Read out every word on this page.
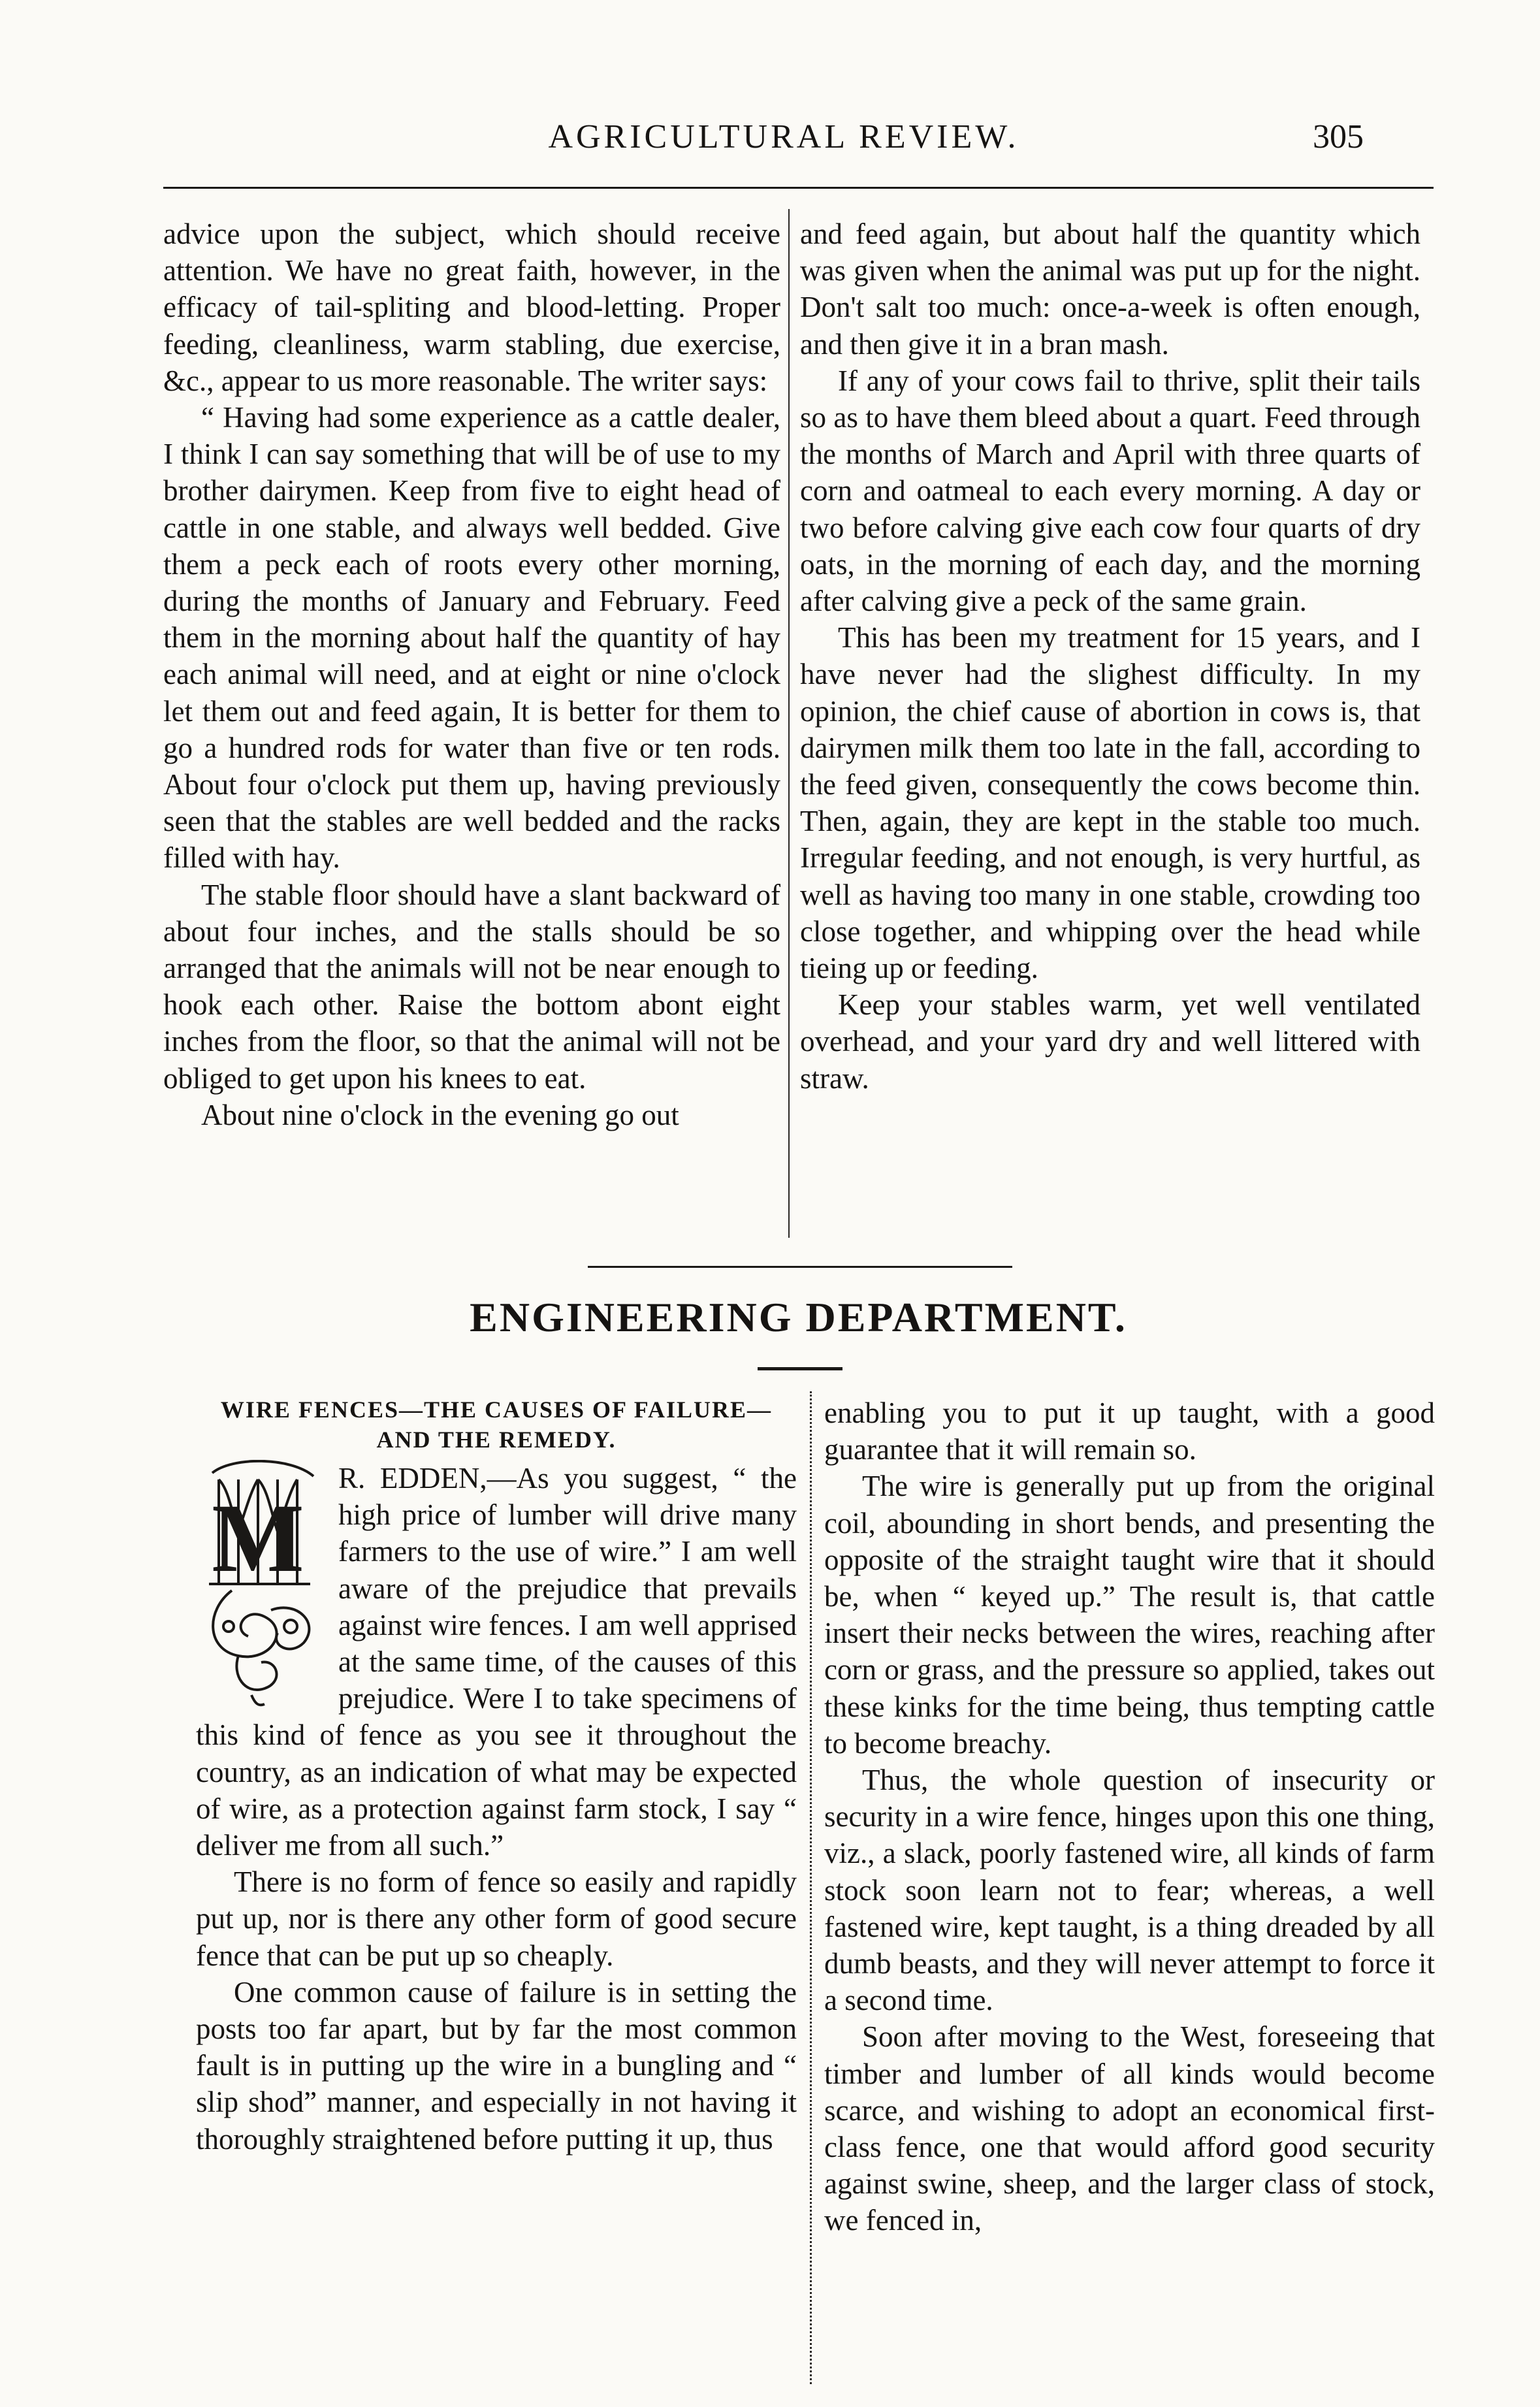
AGRICULTURAL REVIEW.	305

advice upon the subject, which should receive attention. We have no great faith, however, in the efficacy of tail-spliting and blood-letting. Proper feeding, cleanliness, warm stabling, due exercise, &c., appear to us more reasonable. The writer says:

“ Having had some experience as a cattle dealer, I think I can say something that will be of use to my brother dairymen. Keep from five to eight head of cattle in one stable, and always well bedded. Give them a peck each of roots every other morning, during the months of January and February. Feed them in the morning about half the quantity of hay each animal will need, and at eight or nine o'clock let them out and feed again, It is better for them to go a hundred rods for water than five or ten rods. About four o'clock put them up, having previously seen that the stables are well bedded and the racks filled with hay.

The stable floor should have a slant backward of about four inches, and the stalls should be so arranged that the animals will not be near enough to hook each other. Raise the bottom abont eight inches from the floor, so that the animal will not be obliged to get upon his knees to eat.

About nine o'clock in the evening go out

and feed again, but about half the quantity which was given when the animal was put up for the night. Don't salt too much: once-a-week is often enough, and then give it in a bran mash.

If any of your cows fail to thrive, split their tails so as to have them bleed about a quart. Feed through the months of March and April with three quarts of corn and oatmeal to each every morning. A day or two before calving give each cow four quarts of dry oats, in the morning of each day, and the morning after calving give a peck of the same grain.

This has been my treatment for 15 years, and I have never had the slighest difficulty. In my opinion, the chief cause of abortion in cows is, that dairymen milk them too late in the fall, according to the feed given, consequently the cows become thin. Then, again, they are kept in the stable too much. Irregular feeding, and not enough, is very hurtful, as well as having too many in one stable, crowding too close together, and whipping over the head while tieing up or feeding.

Keep your stables warm, yet well ventilated overhead, and your yard dry and well littered with straw.

ENGINEERING DEPARTMENT.
WIRE FENCES—THE CAUSES OF FAILURE—
AND THE REMEDY.
M

R. EDDEN,—As you suggest, “ the high price of lumber will drive many farmers to the use of wire.” I am well aware of the prejudice that prevails against wire fences. I am well apprised at the same time, of the causes of this prejudice. Were I to take specimens of this kind of fence as you see it throughout the country, as an indication of what may be expected of wire, as a protection against farm stock, I say “ deliver me from all such.”

There is no form of fence so easily and rapidly put up, nor is there any other form of good secure fence that can be put up so cheaply.

One common cause of failure is in setting the posts too far apart, but by far the most common fault is in putting up the wire in a bungling and “ slip shod” manner, and especially in not having it thoroughly straightened before putting it up, thus

enabling you to put it up taught, with a good guarantee that it will remain so.

The wire is generally put up from the original coil, abounding in short bends, and presenting the opposite of the straight taught wire that it should be, when “ keyed up.” The result is, that cattle insert their necks between the wires, reaching after corn or grass, and the pressure so applied, takes out these kinks for the time being, thus tempting cattle to become breachy.

Thus, the whole question of insecurity or security in a wire fence, hinges upon this one thing, viz., a slack, poorly fastened wire, all kinds of farm stock soon learn not to fear; whereas, a well fastened wire, kept taught, is a thing dreaded by all dumb beasts, and they will never attempt to force it a second time.

Soon after moving to the West, foreseeing that timber and lumber of all kinds would become scarce, and wishing to adopt an economical first-class fence, one that would afford good security against swine, sheep, and the larger class of stock, we fenced in,
